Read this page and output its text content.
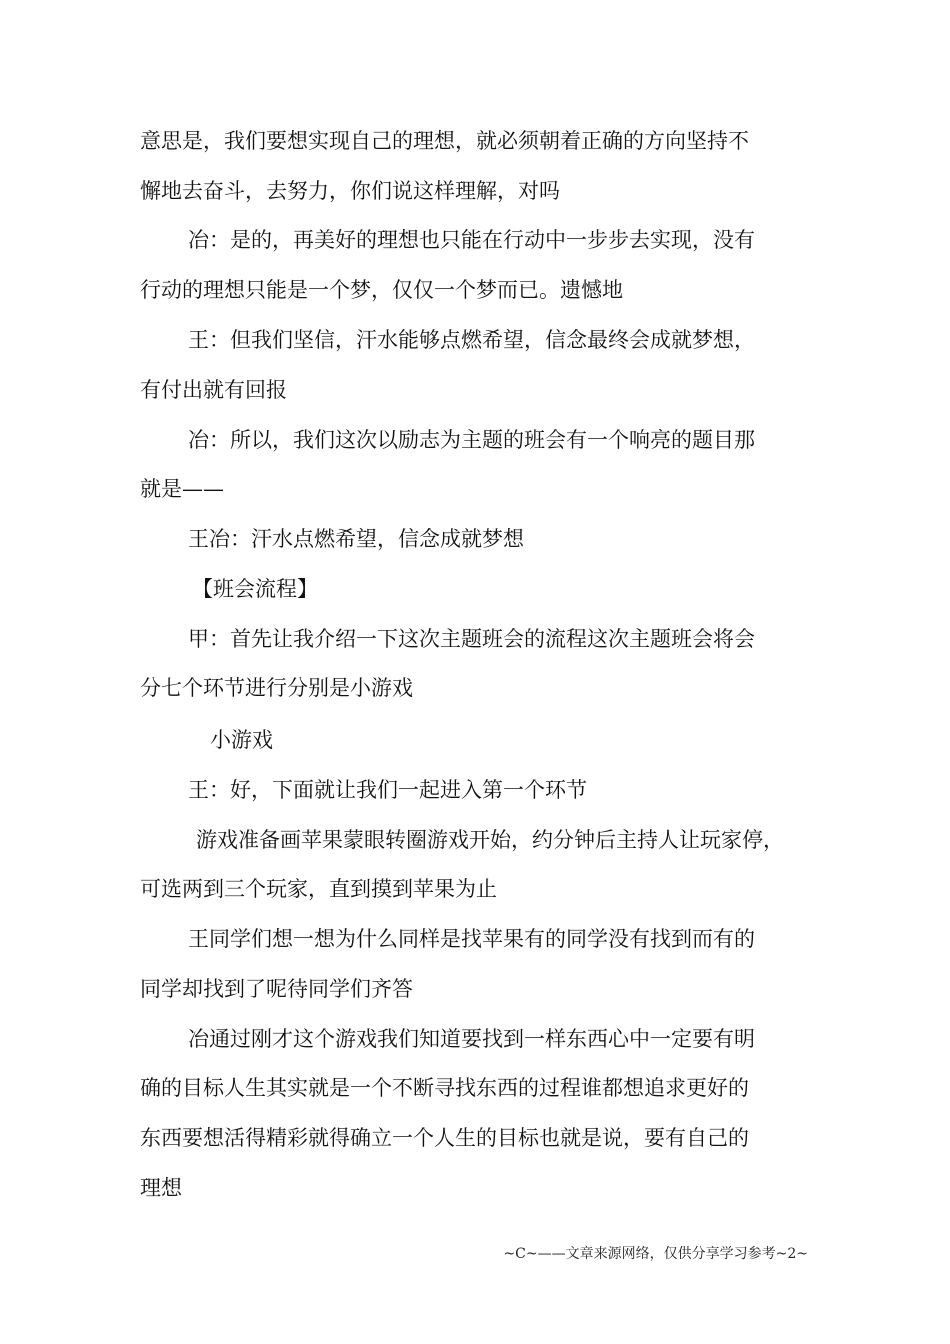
意思是，我们要想实现自己的理想，就必须朝着正确的方向坚持不
懈地去奋斗，去努力，你们说这样理解，对吗
冶：是的，再美好的理想也只能在行动中一步步去实现，没有
行动的理想只能是一个梦，仅仅一个梦而已。遗憾地
王：但我们坚信，汗水能够点燃希望，信念最终会成就梦想，
有付出就有回报
冶：所以，我们这次以励志为主题的班会有一个响亮的题目那
就是——
王冶：汗水点燃希望，信念成就梦想
【班会流程】
甲：首先让我介绍一下这次主题班会的流程这次主题班会将会
分七个环节进行分别是小游戏
小游戏
王：好，下面就让我们一起进入第一个环节
游戏准备画苹果蒙眼转圈游戏开始，约分钟后主持人让玩家停，
可选两到三个玩家，直到摸到苹果为止
王同学们想一想为什么同样是找苹果有的同学没有找到而有的
同学却找到了呢待同学们齐答
冶通过刚才这个游戏我们知道要找到一样东西心中一定要有明
确的目标人生其实就是一个不断寻找东西的过程谁都想追求更好的
东西要想活得精彩就得确立一个人生的目标也就是说，要有自己的
理想
~C~——文章来源网络，仅供分享学习参考~2~
